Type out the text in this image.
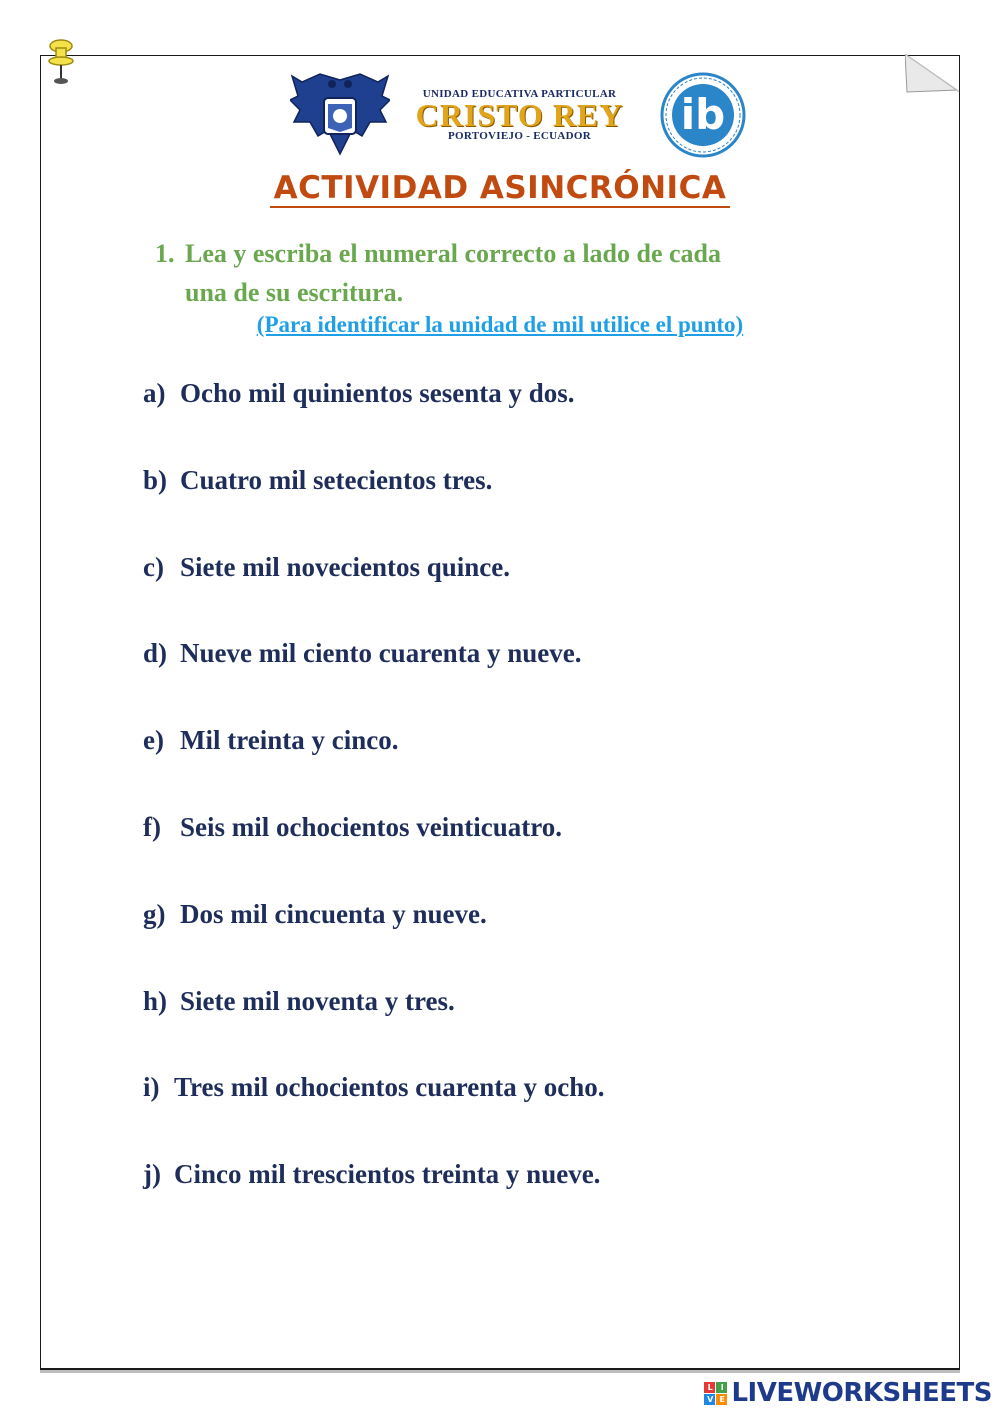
UNIDAD EDUCATIVA PARTICULAR
CRISTO REY
PORTOVIEJO - ECUADOR	ib
ACTIVIDAD ASINCRÓNICA
1. Lea y escriba el numeral correcto a lado de cada
una de su escritura.
(Para identificar la unidad de mil utilice el punto)
a) Ocho mil quinientos sesenta y dos.
b) Cuatro mil setecientos tres.
c) Siete mil novecientos quince.
d) Nueve mil ciento cuarenta y nueve.
e) Mil treinta y cinco.
f) Seis mil ochocientos veinticuatro.
g) Dos mil cincuenta y nueve.
h) Siete mil noventa y tres.
i) Tres mil ochocientos cuarenta y ocho.
j) Cinco mil trescientos treinta y nueve.
L	I
V E LIVEWORKSHEETS
